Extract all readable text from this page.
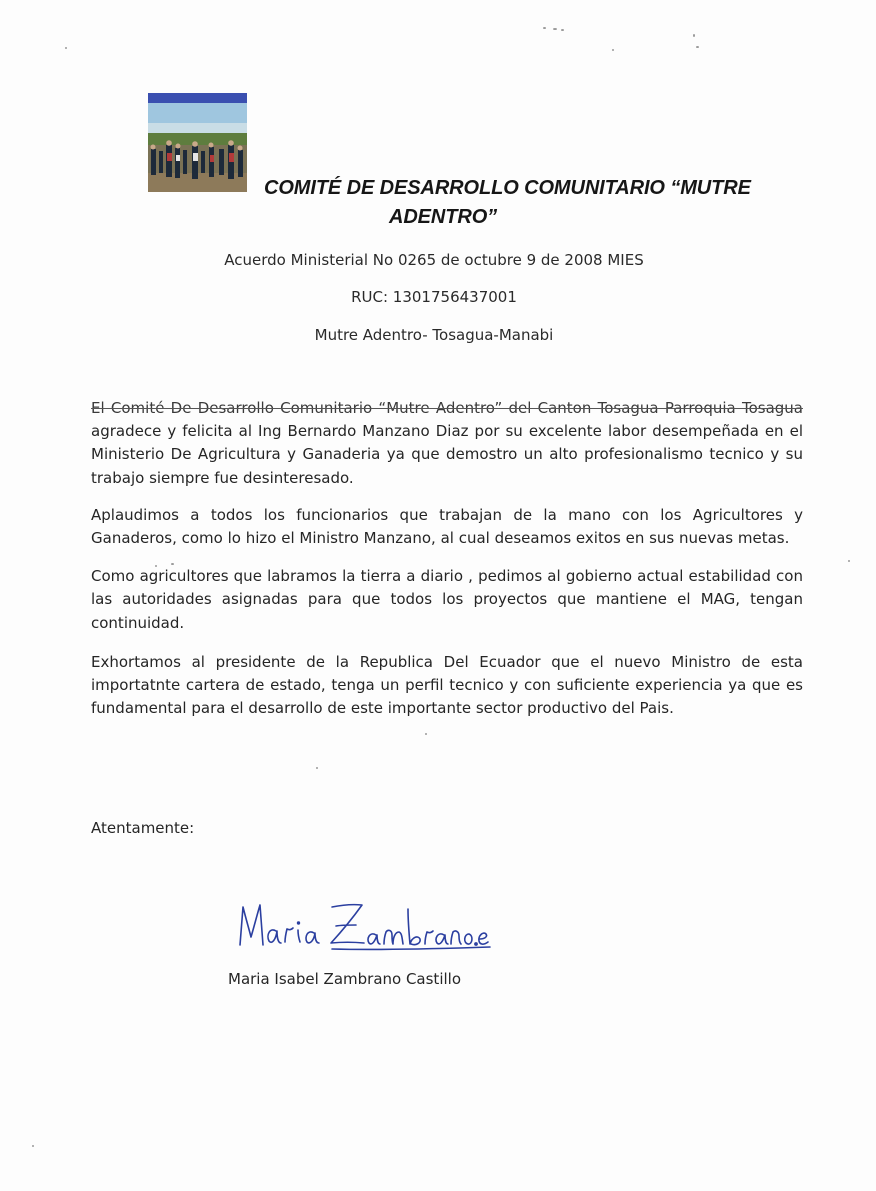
COMITÉ DE DESARROLLO COMUNITARIO “MUTRE
ADENTRO”
Acuerdo Ministerial No 0265 de octubre 9 de 2008 MIES
RUC: 1301756437001
Mutre Adentro- Tosagua-Manabi

El Comité De Desarrollo Comunitario “Mutre Adentro” del Canton Tosagua Parroquia Tosagua
agradece y felicita al Ing Bernardo Manzano Diaz por su excelente labor desempeñada en el Ministerio De Agricultura y Ganaderia ya que demostro un alto profesionalismo tecnico y su trabajo siempre fue desinteresado.

Aplaudimos a todos los funcionarios que trabajan de la mano con los Agricultores y Ganaderos, como lo hizo el Ministro Manzano, al cual deseamos exitos en sus nuevas metas.

Como agricultores que labramos la tierra a diario , pedimos al gobierno actual estabilidad con las autoridades asignadas para que todos los proyectos que mantiene el MAG, tengan continuidad.

Exhortamos al presidente de la Republica Del Ecuador que el nuevo Ministro de esta importatnte cartera de estado, tenga un perfil tecnico y con suficiente experiencia ya que es fundamental para el desarrollo de este importante sector productivo del Pais.

Atentamente:
Maria Isabel Zambrano Castillo
